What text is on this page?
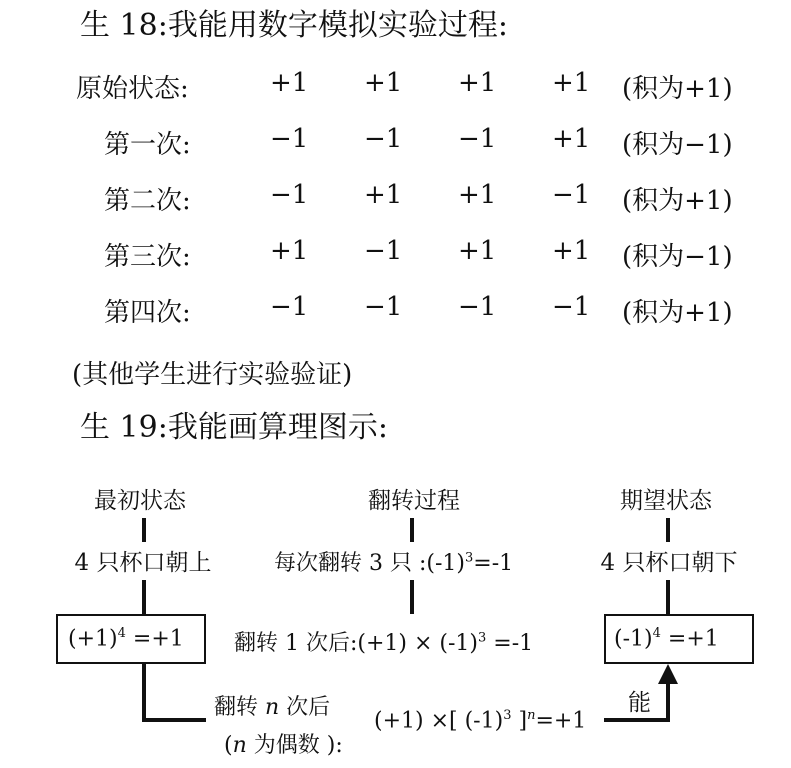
生 18:我能用数字模拟实验过程:
原始状态:	+1 +1 +1 +1 (积为+1)
第一次:	−1 −1 −1 +1 (积为−1)
第二次:	−1 +1 +1 −1 (积为+1)
第三次:	+1 −1 +1 +1 (积为−1)
第四次:	−1 −1 −1 −1 (积为+1)
(其他学生进行实验验证)
生 19:我能画算理图示:
最初状态
4 只杯口朝上
$(+1)^4 =+1$
翻转过程
每次翻转 3 只 $:(-1)^3=-1$
翻转 1 次后:(+1) × $(-1)^3 =-1$
期望状态
4 只杯口朝下
$(-1)^4 =+1$
翻转 n 次后
(n 为偶数 ):
(+1) ×[ $(-1)^3$ ]$^n$=+1
能
